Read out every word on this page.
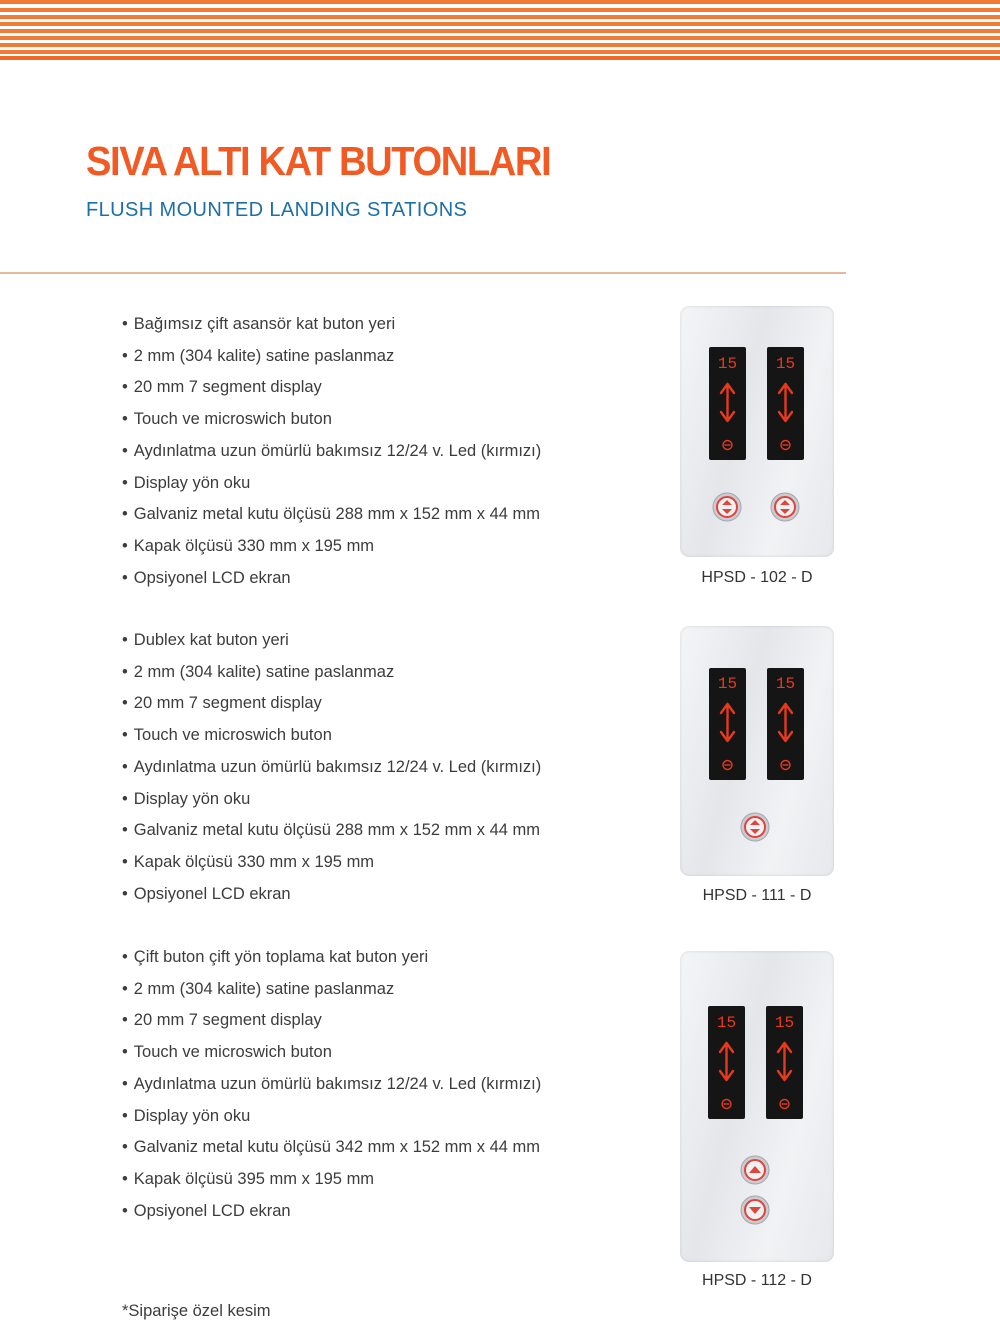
SIVA ALTI KAT BUTONLARI
FLUSH MOUNTED LANDING STATIONS
• Bağımsız çift asansör kat buton yeri
• 2 mm (304 kalite) satine paslanmaz
• 20 mm 7 segment display
• Touch ve microswich buton
• Aydınlatma uzun ömürlü bakımsız 12/24 v. Led (kırmızı)
• Display yön oku
• Galvaniz metal kutu ölçüsü 288 mm x 152 mm x 44 mm
• Kapak ölçüsü 330 mm x 195 mm
• Opsiyonel LCD ekran
15 15
HPSD - 102 - D
• Dublex kat buton yeri
• 2 mm (304 kalite) satine paslanmaz
• 20 mm 7 segment display
• Touch ve microswich buton
• Aydınlatma uzun ömürlü bakımsız 12/24 v. Led (kırmızı)
• Display yön oku
• Galvaniz metal kutu ölçüsü 288 mm x 152 mm x 44 mm
• Kapak ölçüsü 330 mm x 195 mm
• Opsiyonel LCD ekran
15 15
HPSD - 111 - D
• Çift buton çift yön toplama kat buton yeri
• 2 mm (304 kalite) satine paslanmaz
• 20 mm 7 segment display
• Touch ve microswich buton
• Aydınlatma uzun ömürlü bakımsız 12/24 v. Led (kırmızı)
• Display yön oku
• Galvaniz metal kutu ölçüsü 342 mm x 152 mm x 44 mm
• Kapak ölçüsü 395 mm x 195 mm
• Opsiyonel LCD ekran
15 15
HPSD - 112 - D
*Siparişe özel kesim
